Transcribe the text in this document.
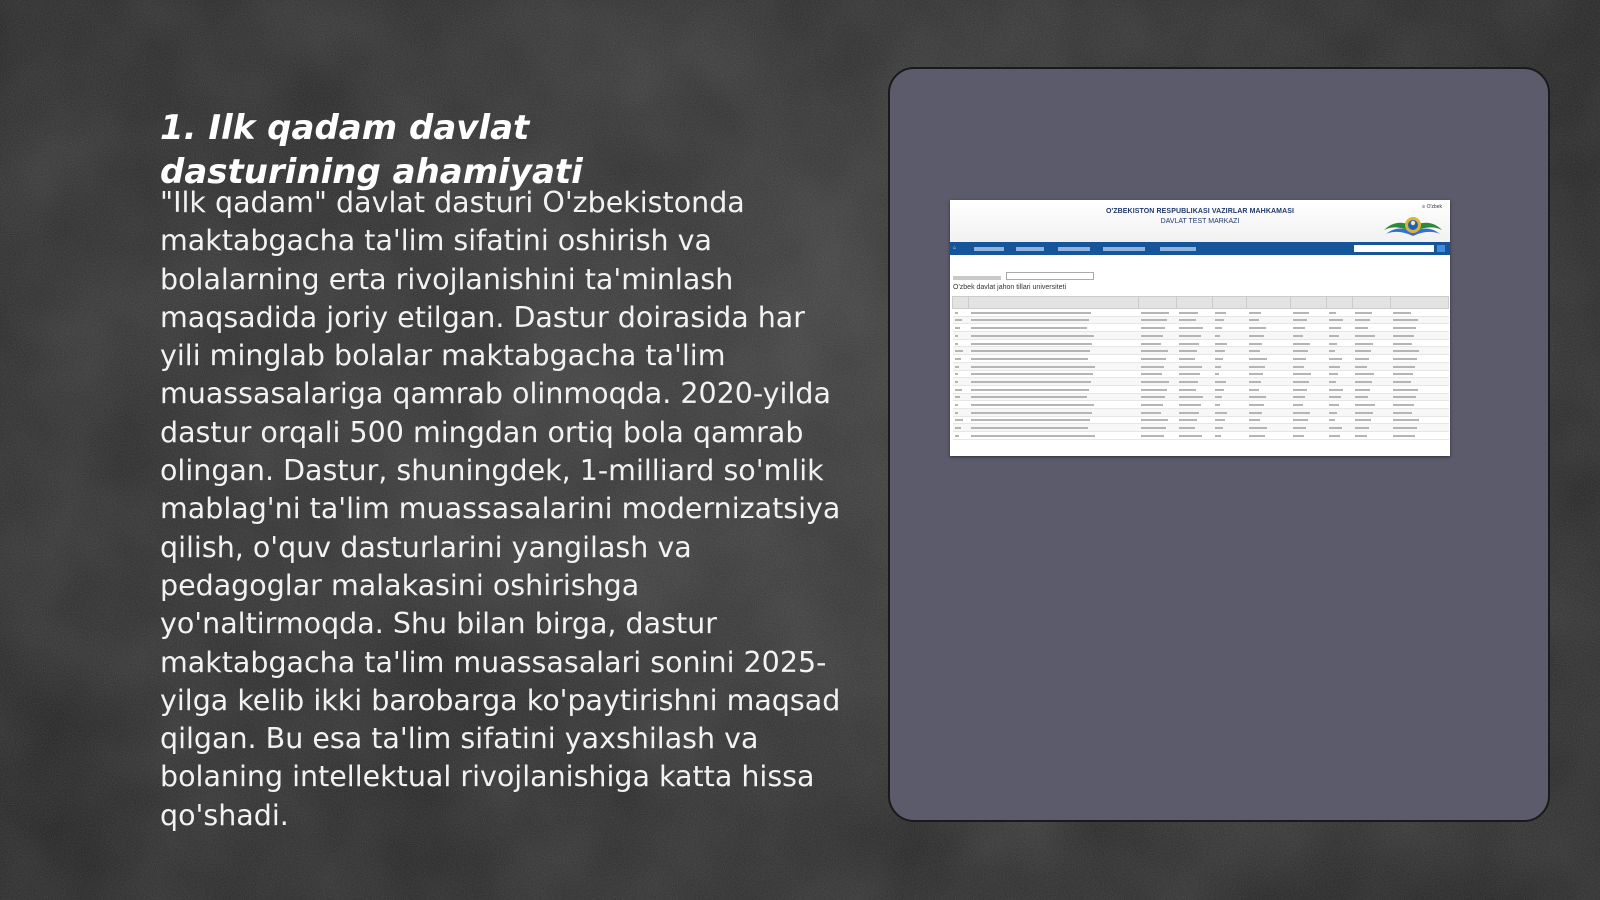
1. Ilk qadam davlat dasturining ahamiyati

"Ilk qadam" davlat dasturi O'zbekistonda maktabgacha ta'lim sifatini oshirish va bolalarning erta rivojlanishini ta'minlash maqsadida joriy etilgan. Dastur doirasida har yili minglab bolalar maktabgacha ta'lim muassasalariga qamrab olinmoqda. 2020-yilda dastur orqali 500 mingdan ortiq bola qamrab olingan. Dastur, shuningdek, 1-milliard so'mlik mablag'ni ta'lim muassasalarini modernizatsiya qilish, o'quv dasturlarini yangilash va pedagoglar malakasini oshirishga yo'naltirmoqda. Shu bilan birga, dastur maktabgacha ta'lim muassasalari sonini 2025-yilga kelib ikki barobarga ko'paytirishni maqsad qilgan. Bu esa ta'lim sifatini yaxshilash va bolaning intellektual rivojlanishiga katta hissa qo'shadi.

O'ZBEKISTON RESPUBLIKASI VAZIRLAR MAHKAMASI
DAVLAT TEST MARKAZI
≡ O'zbek
⌂
O'zbek davlat jahon tillari universiteti
